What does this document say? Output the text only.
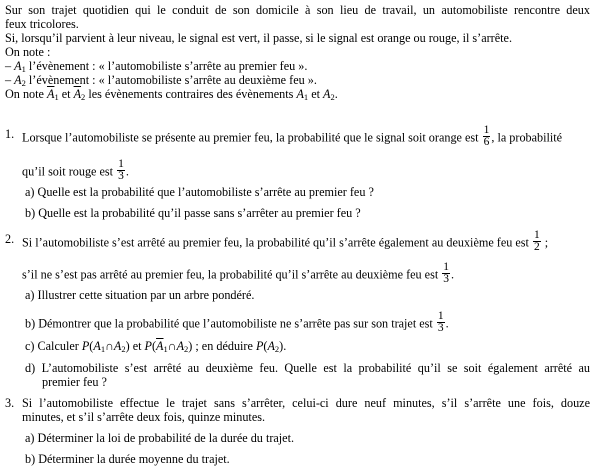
Sur son trajet quotidien qui le conduit de son domicile à son lieu de travail, un automobiliste rencontre deux
feux tricolores.
Si, lorsqu’il parvient à leur niveau, le signal est vert, il passe, si le signal est orange ou rouge, il s’arrête.
On note :
– $A_1$ l’évènement : « l’automobiliste s’arrête au premier feu ».
– $A_2$ l’évènement : « l’automobiliste s’arrête au deuxième feu ».
On note $\overline{A}_1$ et $\overline{A}_2$ les évènements contraires des évènements $A_1$ et $A_2$.
1. Lorsque l’automobiliste se présente au premier feu, la probabilité que le signal soit orange est $\frac{1}{6}$ , la probabilité
qu’il soit rouge est $\frac{1}{3}$ .
a) Quelle est la probabilité que l’automobiliste s’arrête au premier feu ?
b) Quelle est la probabilité qu’il passe sans s’arrêter au premier feu ?
2. Si l’automobiliste s’est arrêté au premier feu, la probabilité qu’il s’arrête également au deuxième feu est $\frac{1}{2}$ ;
s’il ne s’est pas arrêté au premier feu, la probabilité qu’il s’arrête au deuxième feu est $\frac{1}{3}$ .
a) Illustrer cette situation par un arbre pondéré.
b) Démontrer que la probabilité que l’automobiliste ne s’arrête pas sur son trajet est $\frac{1}{3}$ .
c) Calculer $P(A_1\cap A_2)$ et $P(\overline{A}_1\cap A_2)$ ; en déduire $P(A_2)$.
d) L’automobiliste s’est arrêté au deuxième feu. Quelle est la probabilité qu’il se soit également arrêté au
premier feu ?
3. Si l’automobiliste effectue le trajet sans s’arrêter, celui-ci dure neuf minutes, s’il s’arrête une fois, douze
minutes, et s’il s’arrête deux fois, quinze minutes.
a) Déterminer la loi de probabilité de la durée du trajet.
b) Déterminer la durée moyenne du trajet.
